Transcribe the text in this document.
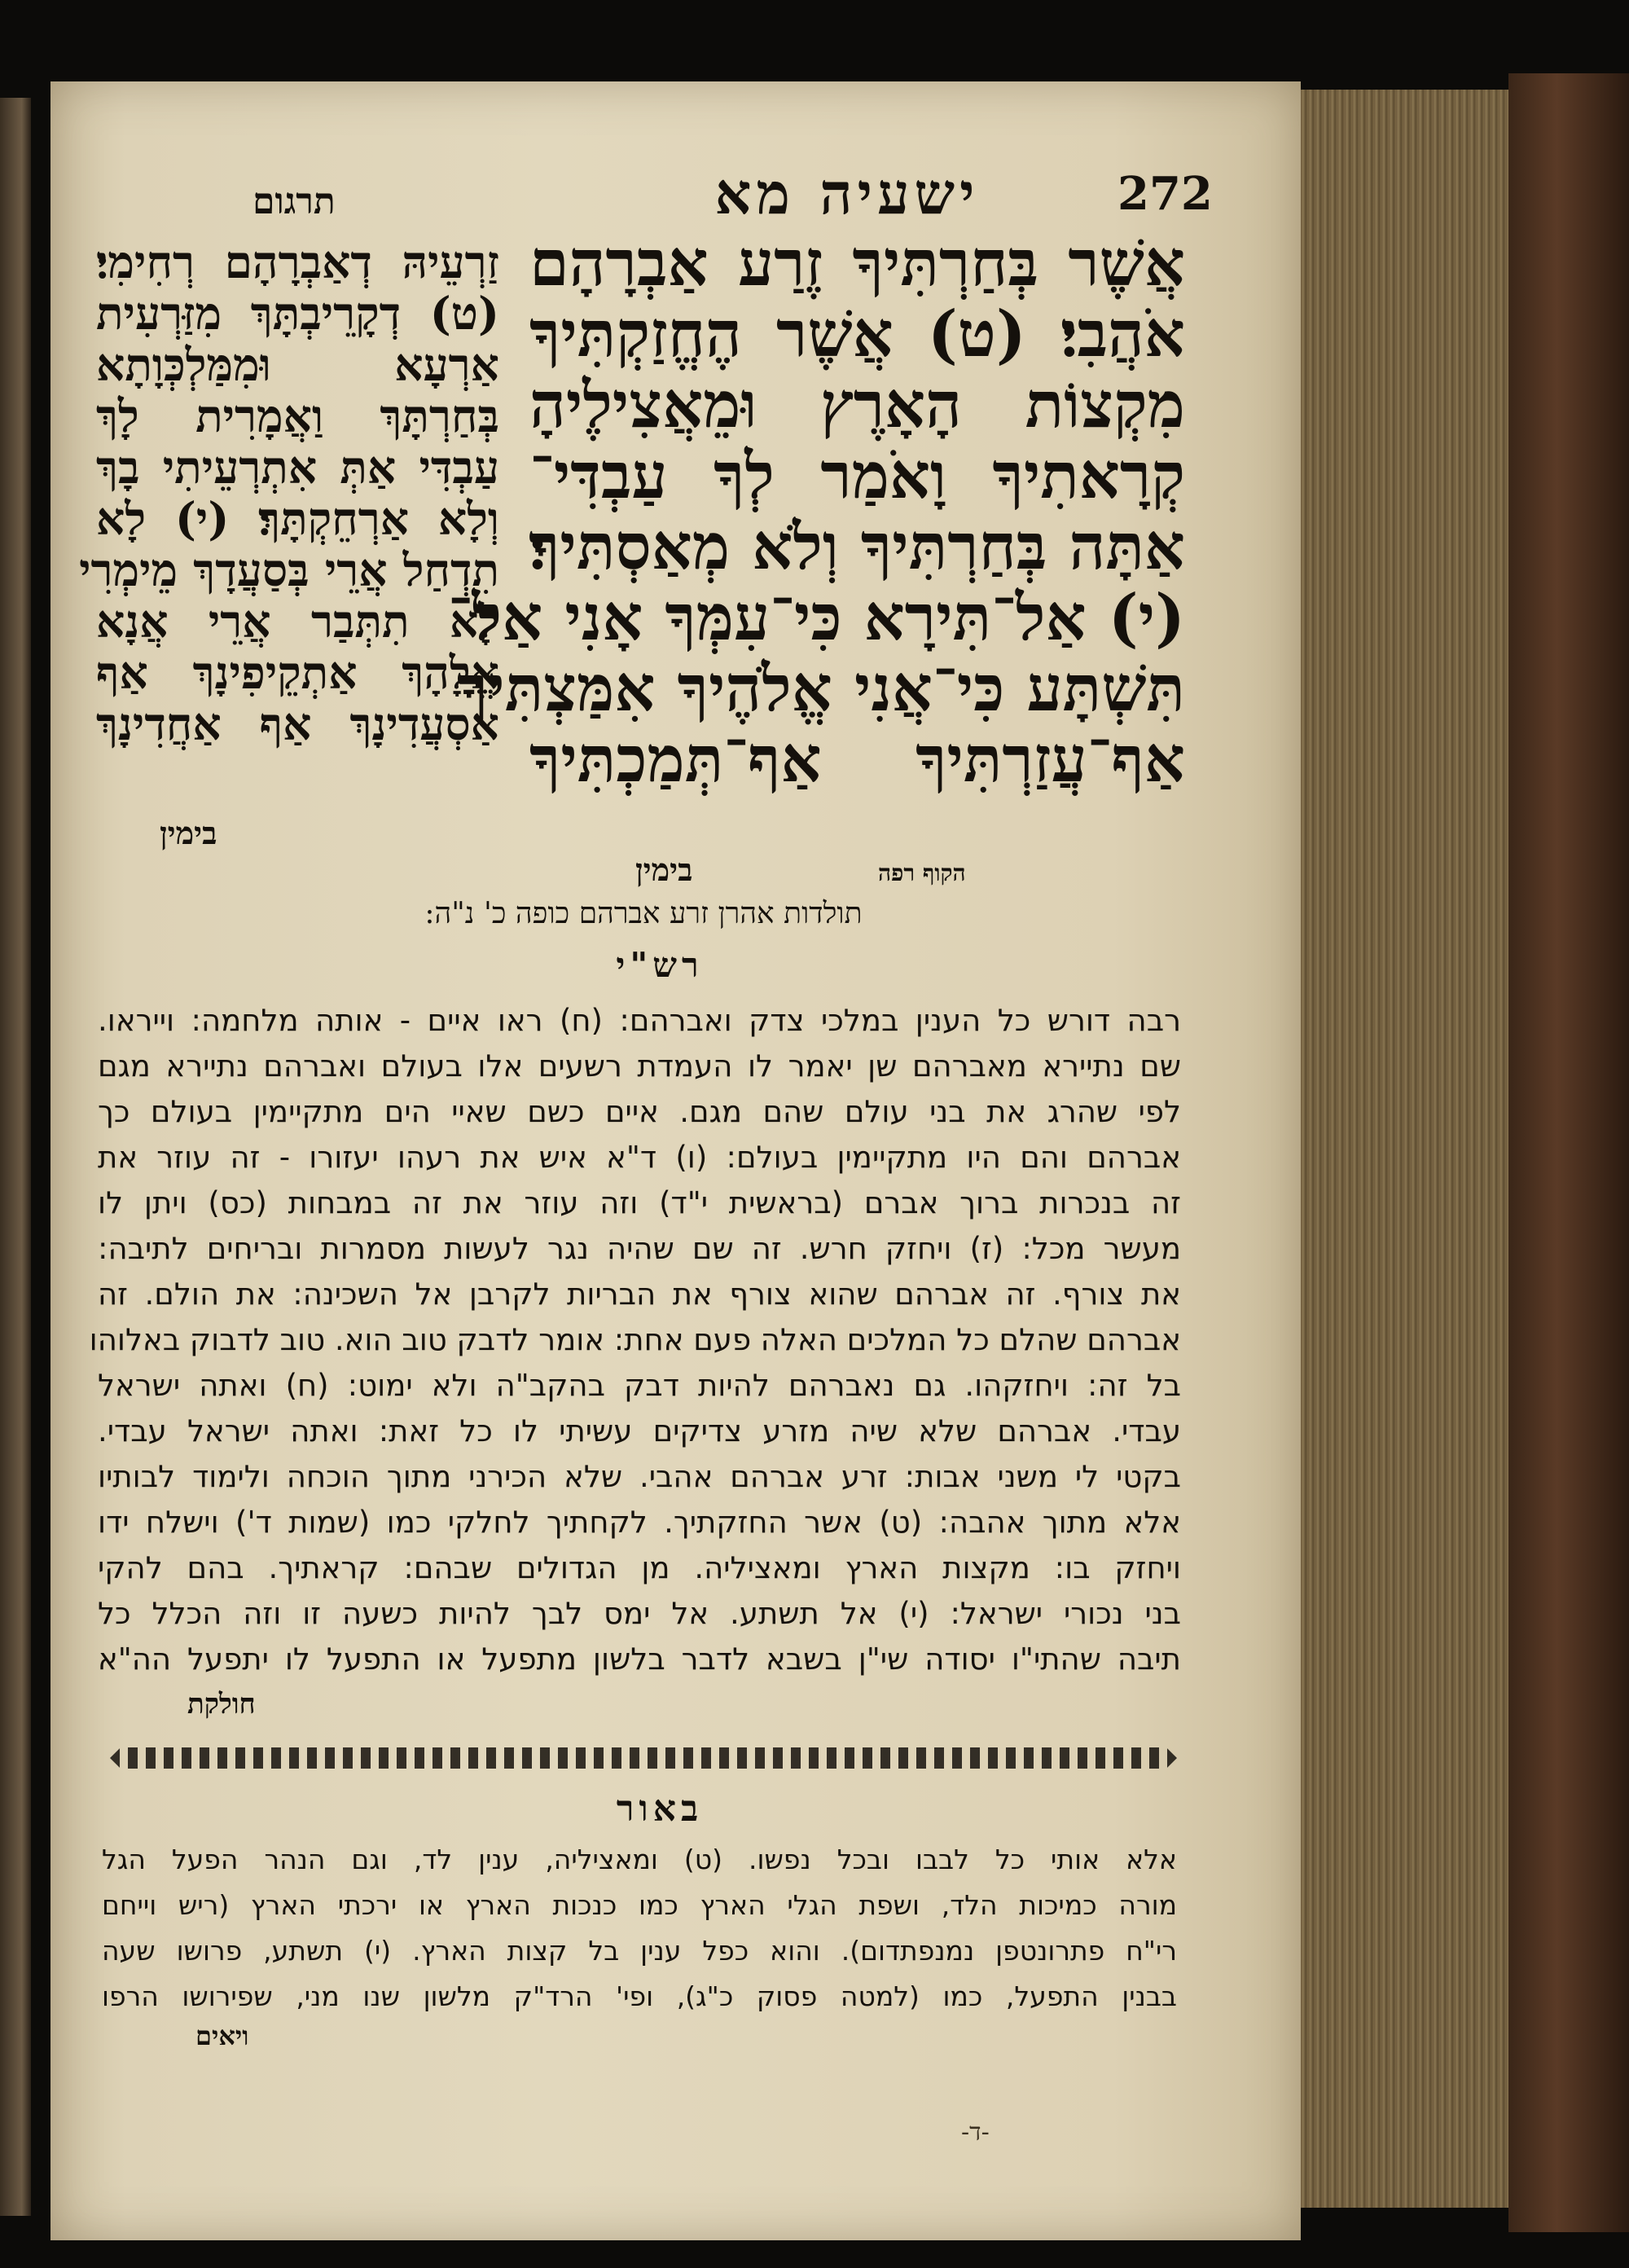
272
ישעיה מא
תרגום
אֲשֶׁר בְּחַרְתִּיךָ זֶרַע אַבְרָהָם
אֹהֲבִי׃ (ט) אֲשֶׁר הֶחֱזַקְתִּיךָ
מִקְצוֹת הָאָרֶץ וּמֵאֲצִילֶיהָ
קְרָאתִיךָ וָאֹמַר לְךָ עַבְדִּי־
אַתָּה בְּחַרְתִּיךָ וְלֹא מְאַסְתִּיךָ׃
(י) אַל־תִּירָא כִּי־עִמְּךָ אָנִי אַל־
תִּשְׁתָּע כִּי־אֲנִי אֱלֹהֶיךָ אִמַּצְתִּיךָ
אַף־עֲזַרְתִּיךָ אַף־תְּמַכְתִּיךָ
זַרְעֵיהּ דְאַבְרָהָם רְחִימִי׃
(ט) דְקָרֵיבְתָּךְ מִזַּרְעִית
אַרְעָא וּמִמַּלְכְּוָתָא
בְּחַרְתָּךְ וַאֲמָרִית לָךְ
עַבְדִּי אַתְּ אִתְרְעֵיתִי בָךְ
וְלָא אַרְחֵקְתָּךְ׃ (י) לָא
תִדְחַל אֲרֵי בְּסַעֲדָךְ מֵימְרִי
לָא תִתְּבַר אֲרֵי אֲנָא
אֱלָהָךְ אַתְקֵיפִינָךְ אַף
אַסְעֲדִינָךְ אַף אַחֲדִינָךְ
בימין
הקוף רפה
בימין
תולדות אהרן זרע אברהם כופה כ' נ"ה:
רש"י
רבה דורש כל הענין במלכי צדק ואברהם: (ח) ראו איים - אותה מלחמה: וייראו.
שם נתיירא מאברהם שן יאמר לו העמדת רשעים אלו בעולם ואברהם נתיירא מגם
לפי שהרג את בני עולם שהם מגם. איים כשם שאיי הים מתקיימין בעולם כך
אברהם והם היו מתקיימין בעולם: (ו) ד"א איש את רעהו יעזורו - זה עוזר את
זה בנכרות ברוך אברם (בראשית י"ד) וזה עוזר את זה במבחות (כס) ויתן לו
מעשר מכל: (ז) ויחזק חרש. זה שם שהיה נגר לעשות מסמרות ובריחים לתיבה:
את צורף. זה אברהם שהוא צורף את הבריות לקרבן אל השכינה: את הולם. זה
אברהם שהלם כל המלכים האלה פעם אחת: אומר לדבק טוב הוא. טוב לדבוק באלוהו
בל זה: ויחזקהו. גם נאברהם להיות דבק בהקב"ה ולא ימוט: (ח) ואתה ישראל
עבדי. אברהם שלא שיה מזרע צדיקים עשיתי לו כל זאת: ואתה ישראל עבדי.
בקטי לי משני אבות: זרע אברהם אהבי. שלא הכירני מתוך הוכחה ולימוד לבותיו
אלא מתוך אהבה: (ט) אשר החזקתיך. לקחתיך לחלקי כמו (שמות ד') וישלח ידו
ויחזק בו: מקצות הארץ ומאציליה. מן הגדולים שבהם: קראתיך. בהם להקי
בני נכורי ישראל: (י) אל תשתע. אל ימס לבך להיות כשעה זו וזה הכלל כל
תיבה שהתי"ו יסודה שי"ן בשבא לדבר בלשון מתפעל או התפעל לו יתפעל הה"א
חולקת
באור
אלא אותי כל לבבו ובכל נפשו. (ט) ומאציליה, ענין לד, וגם הנהר הפעל הגל
מורה כמיכות הלד, ושפת הגלי הארץ כמו כנכות הארץ או ירכתי הארץ (ריש וייחם
רי"ח פתרונטפן נמנפתדום). והוא כפל ענין בל קצות הארץ. (י) תשתע, פרושו שעה
בבנין התפעל, כמו (למטה פסוק כ"ג), ופי' הרד"ק מלשון שנו מני, שפירושו הרפו
ויאים
-ד-
